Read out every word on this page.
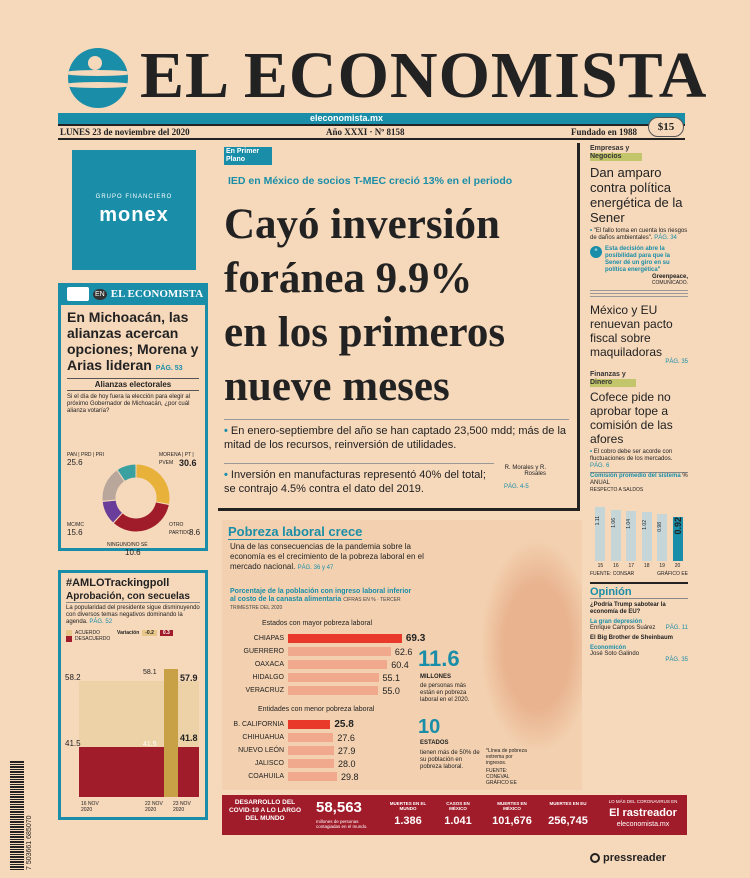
EL ECONOMISTA
eleconomista.mx
LUNES 23 de noviembre del 2020	Año XXXI · Nº 8158	Fundado en 1988	$15
GRUPO FINANCIERO
monex
EN EL ECONOMISTA
En Michoacán, las alianzas acercan opciones; Morena y Arias lideran PÁG. 53
Alianzas electorales
Si el día de hoy fuera la elección para elegir al próximo Gobernador de Michoacán, ¿por cuál alianza votaría?
PAN | PRD | PRI
25.6
MORENA | PT | PVEM 30.6
MC/MC
15.6
OTRO PARTIDO
8.6
NINGUNO/NO SÉ
10.6
#AMLOTrackingpoll
Aprobación, con secuelas
La popularidad del presidente sigue disminuyendo con diversos temas negativos dominando la agenda. PÁG. 52
ACUERDO	Variación	-0.2	0.3
DESACUERDO
58.2
41.5
58.1
41.5
57.9
41.8
16 NOV 2020
22 NOV 2020
23 NOV 2020
7 503661 685070
En Primer Plano
IED en México de socios T-MEC creció 13% en el periodo
Cayó inversión
foránea 9.9%
en los primeros
nueve meses
• En enero-septiembre del año se han captado 23,500 mdd; más de la mitad de los recursos, reinversión de utilidades.
• Inversión en manufacturas representó 40% del total; se contrajo 4.5% contra el dato del 2019.
R. Morales y R. Rosales
PÁG. 4-5
Pobreza laboral crece
Una de las consecuencias de la pandemia sobre la economía es el crecimiento de la pobreza laboral en el mercado nacional. PÁG. 36 y 47
Porcentaje de la población con ingreso laboral inferior al costo de la canasta alimentaria CIFRAS EN % · TERCER TRIMESTRE DEL 2020
Estados con mayor pobreza laboral
CHIAPAS	69.3
GUERRERO	62.6
OAXACA	60.4
HIDALGO	55.1
VERACRUZ	55.0
Entidades con menor pobreza laboral
B. CALIFORNIA	25.8
CHIHUAHUA	27.6
NUEVO LEÓN	27.9
JALISCO	28.0
COAHUILA	29.8
11.6
MILLONES
de personas más están en pobreza laboral en el 2020.
10
ESTADOS
tienen más de 50% de su población en pobreza laboral.
*Línea de pobreza extrema por ingresos.
FUENTE: CONEVAL GRÁFICO EE
Empresas y Negocios
Dan amparo contra política energética de la Sener
• "El fallo toma en cuenta los riesgos de daños ambientales". PÁG. 34
“	Esta decisión abre la posibilidad para que la Sener dé un giro en su política energética"
Greenpeace,
COMUNICADO.
México y EU renuevan pacto fiscal sobre maquiladoras
PÁG. 35
Finanzas y Dinero
Cofece pide no aprobar tope a comisión de las afores
• El cobro debe ser acorde con fluctuaciones de los mercados. PÁG. 6
Comisión promedio del sistema % ANUAL
RESPECTO A SALDOS
1.11
15
1.06
16
1.04
17
1.02
18
0.98
19
0.92
20
FUENTE: CONSAR	GRÁFICO EE
Opinión
¿Podría Trump sabotear la economía de EU?
La gran depresión
Enrique Campos Suárez PÁG. 11
El Big Brother de Sheinbaum
Economicón
José Soto Galindo
PÁG. 35
DESARROLLO DEL COVID-19 A LO LARGO DEL MUNDO
58,563
millones de personas contagiadas en el mundo.
MUERTES EN EL MUNDO
1.386
CASOS EN MÉXICO
1.041
MUERTES EN MÉXICO
101,676
MUERTES EN EU
256,745
LO MÁS DEL CORONAVIRUS EN
El rastreador
eleconomista.mx
pressreader
